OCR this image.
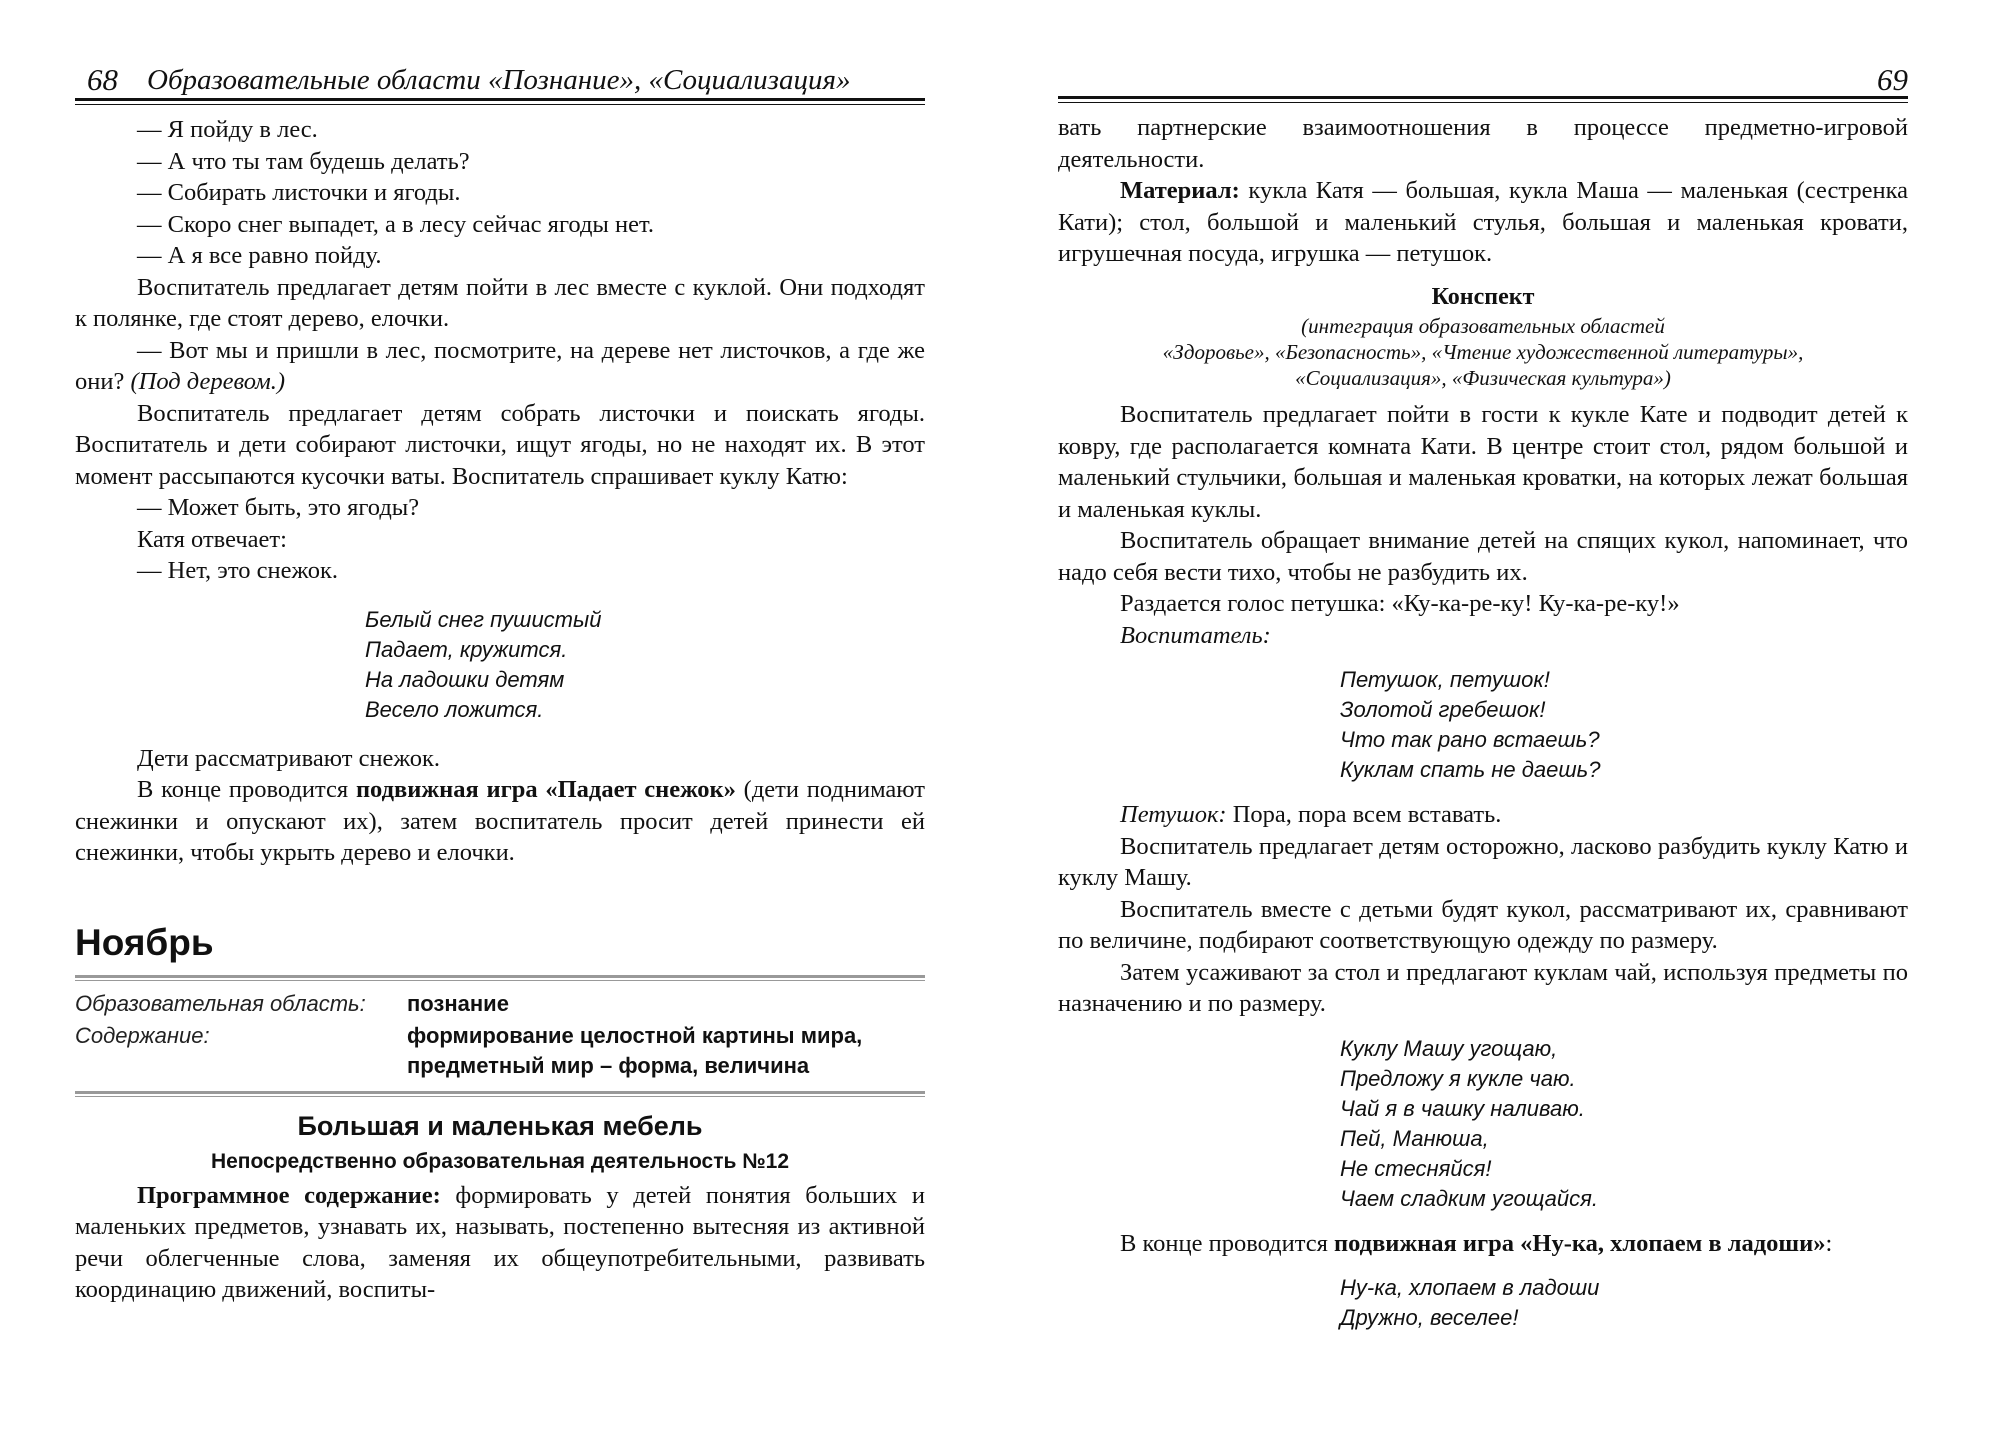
68 Образовательные области «Познание», «Социализация»

— Я пойду в лес.

— А что ты там будешь делать?

— Собирать листочки и ягоды.

— Скоро снег выпадет, а в лесу сейчас ягоды нет.

— А я все равно пойду.

Воспитатель предлагает детям пойти в лес вместе с куклой. Они подходят к полянке, где стоят дерево, елочки.

— Вот мы и пришли в лес, посмотрите, на дереве нет листочков, а где же они? (Под деревом.)

Воспитатель предлагает детям собрать листочки и поискать ягоды. Воспитатель и дети собирают листочки, ищут ягоды, но не находят их. В этот момент рассыпаются кусочки ваты. Воспитатель спрашивает куклу Катю:

— Может быть, это ягоды?

Катя отвечает:

— Нет, это снежок.

Белый снег пушистый
Падает, кружится.
На ладошки детям
Весело ложится.

Дети рассматривают снежок.

В конце проводится подвижная игра «Падает снежок» (дети поднимают снежинки и опускают их), затем воспитатель просит детей принести ей снежинки, чтобы укрыть дерево и елочки.

Ноябрь
Образовательная область:	познание
Содержание:	формирование целостной картины мира,
предметный мир – форма, величина
Большая и маленькая мебель
Непосредственно образовательная деятельность №12

Программное содержание: формировать у детей понятия больших и маленьких предметов, узнавать их, называть, постепенно вытесняя из активной речи облегченные слова, заменяя их общеупотребительными, развивать координацию движений, воспиты-

69

вать партнерские взаимоотношения в процессе предметно-игровой деятельности.

Материал: кукла Катя — большая, кукла Маша — маленькая (сестренка Кати); стол, большой и маленький стулья, большая и маленькая кровати, игрушечная посуда, игрушка — петушок.

Конспект
(интеграция образовательных областей
«Здоровье», «Безопасность», «Чтение художественной литературы»,
«Социализация», «Физическая культура»)

Воспитатель предлагает пойти в гости к кукле Кате и подводит детей к ковру, где располагается комната Кати. В центре стоит стол, рядом большой и маленький стульчики, большая и маленькая кроватки, на которых лежат большая и маленькая куклы.

Воспитатель обращает внимание детей на спящих кукол, напоминает, что надо себя вести тихо, чтобы не разбудить их.

Раздается голос петушка: «Ку-ка-ре-ку! Ку-ка-ре-ку!»

Воспитатель:

Петушок, петушок!
Золотой гребешок!
Что так рано встаешь?
Куклам спать не даешь?

Петушок: Пора, пора всем вставать.

Воспитатель предлагает детям осторожно, ласково разбудить куклу Катю и куклу Машу.

Воспитатель вместе с детьми будят кукол, рассматривают их, сравнивают по величине, подбирают соответствующую одежду по размеру.

Затем усаживают за стол и предлагают куклам чай, используя предметы по назначению и по размеру.

Куклу Машу угощаю,
Предложу я кукле чаю.
Чай я в чашку наливаю.
Пей, Манюша,
Не стесняйся!
Чаем сладким угощайся.

В конце проводится подвижная игра «Ну-ка, хлопаем в ладоши»:

Ну-ка, хлопаем в ладоши
Дружно, веселее!
